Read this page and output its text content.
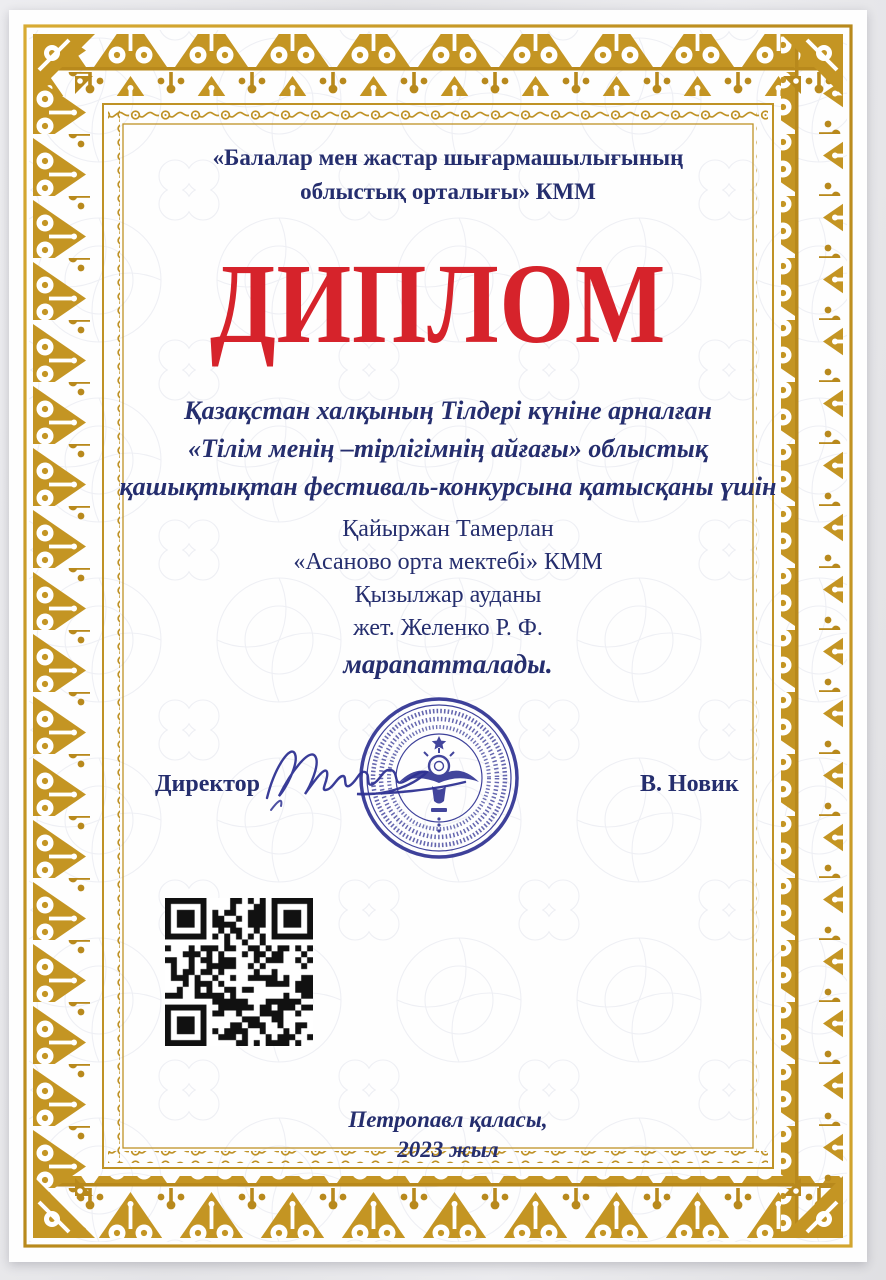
«Балалар мен жастар шығармашылығының
облыстық орталығы» КММ
ДИПЛОМ
Қазақстан халқының Тілдері күніне арналған
«Тілім менің –тірлігімнің айғағы» облыстық
қашықтықтан фестиваль-конкурсына қатысқаны үшін
Қайыржан Тамерлан
«Асаново орта мектебі» КММ
Қызылжар ауданы
жет. Желенко Р. Ф.
марапатталады.
Директор	В. Новик
Петропавл қаласы,
2023 жыл
